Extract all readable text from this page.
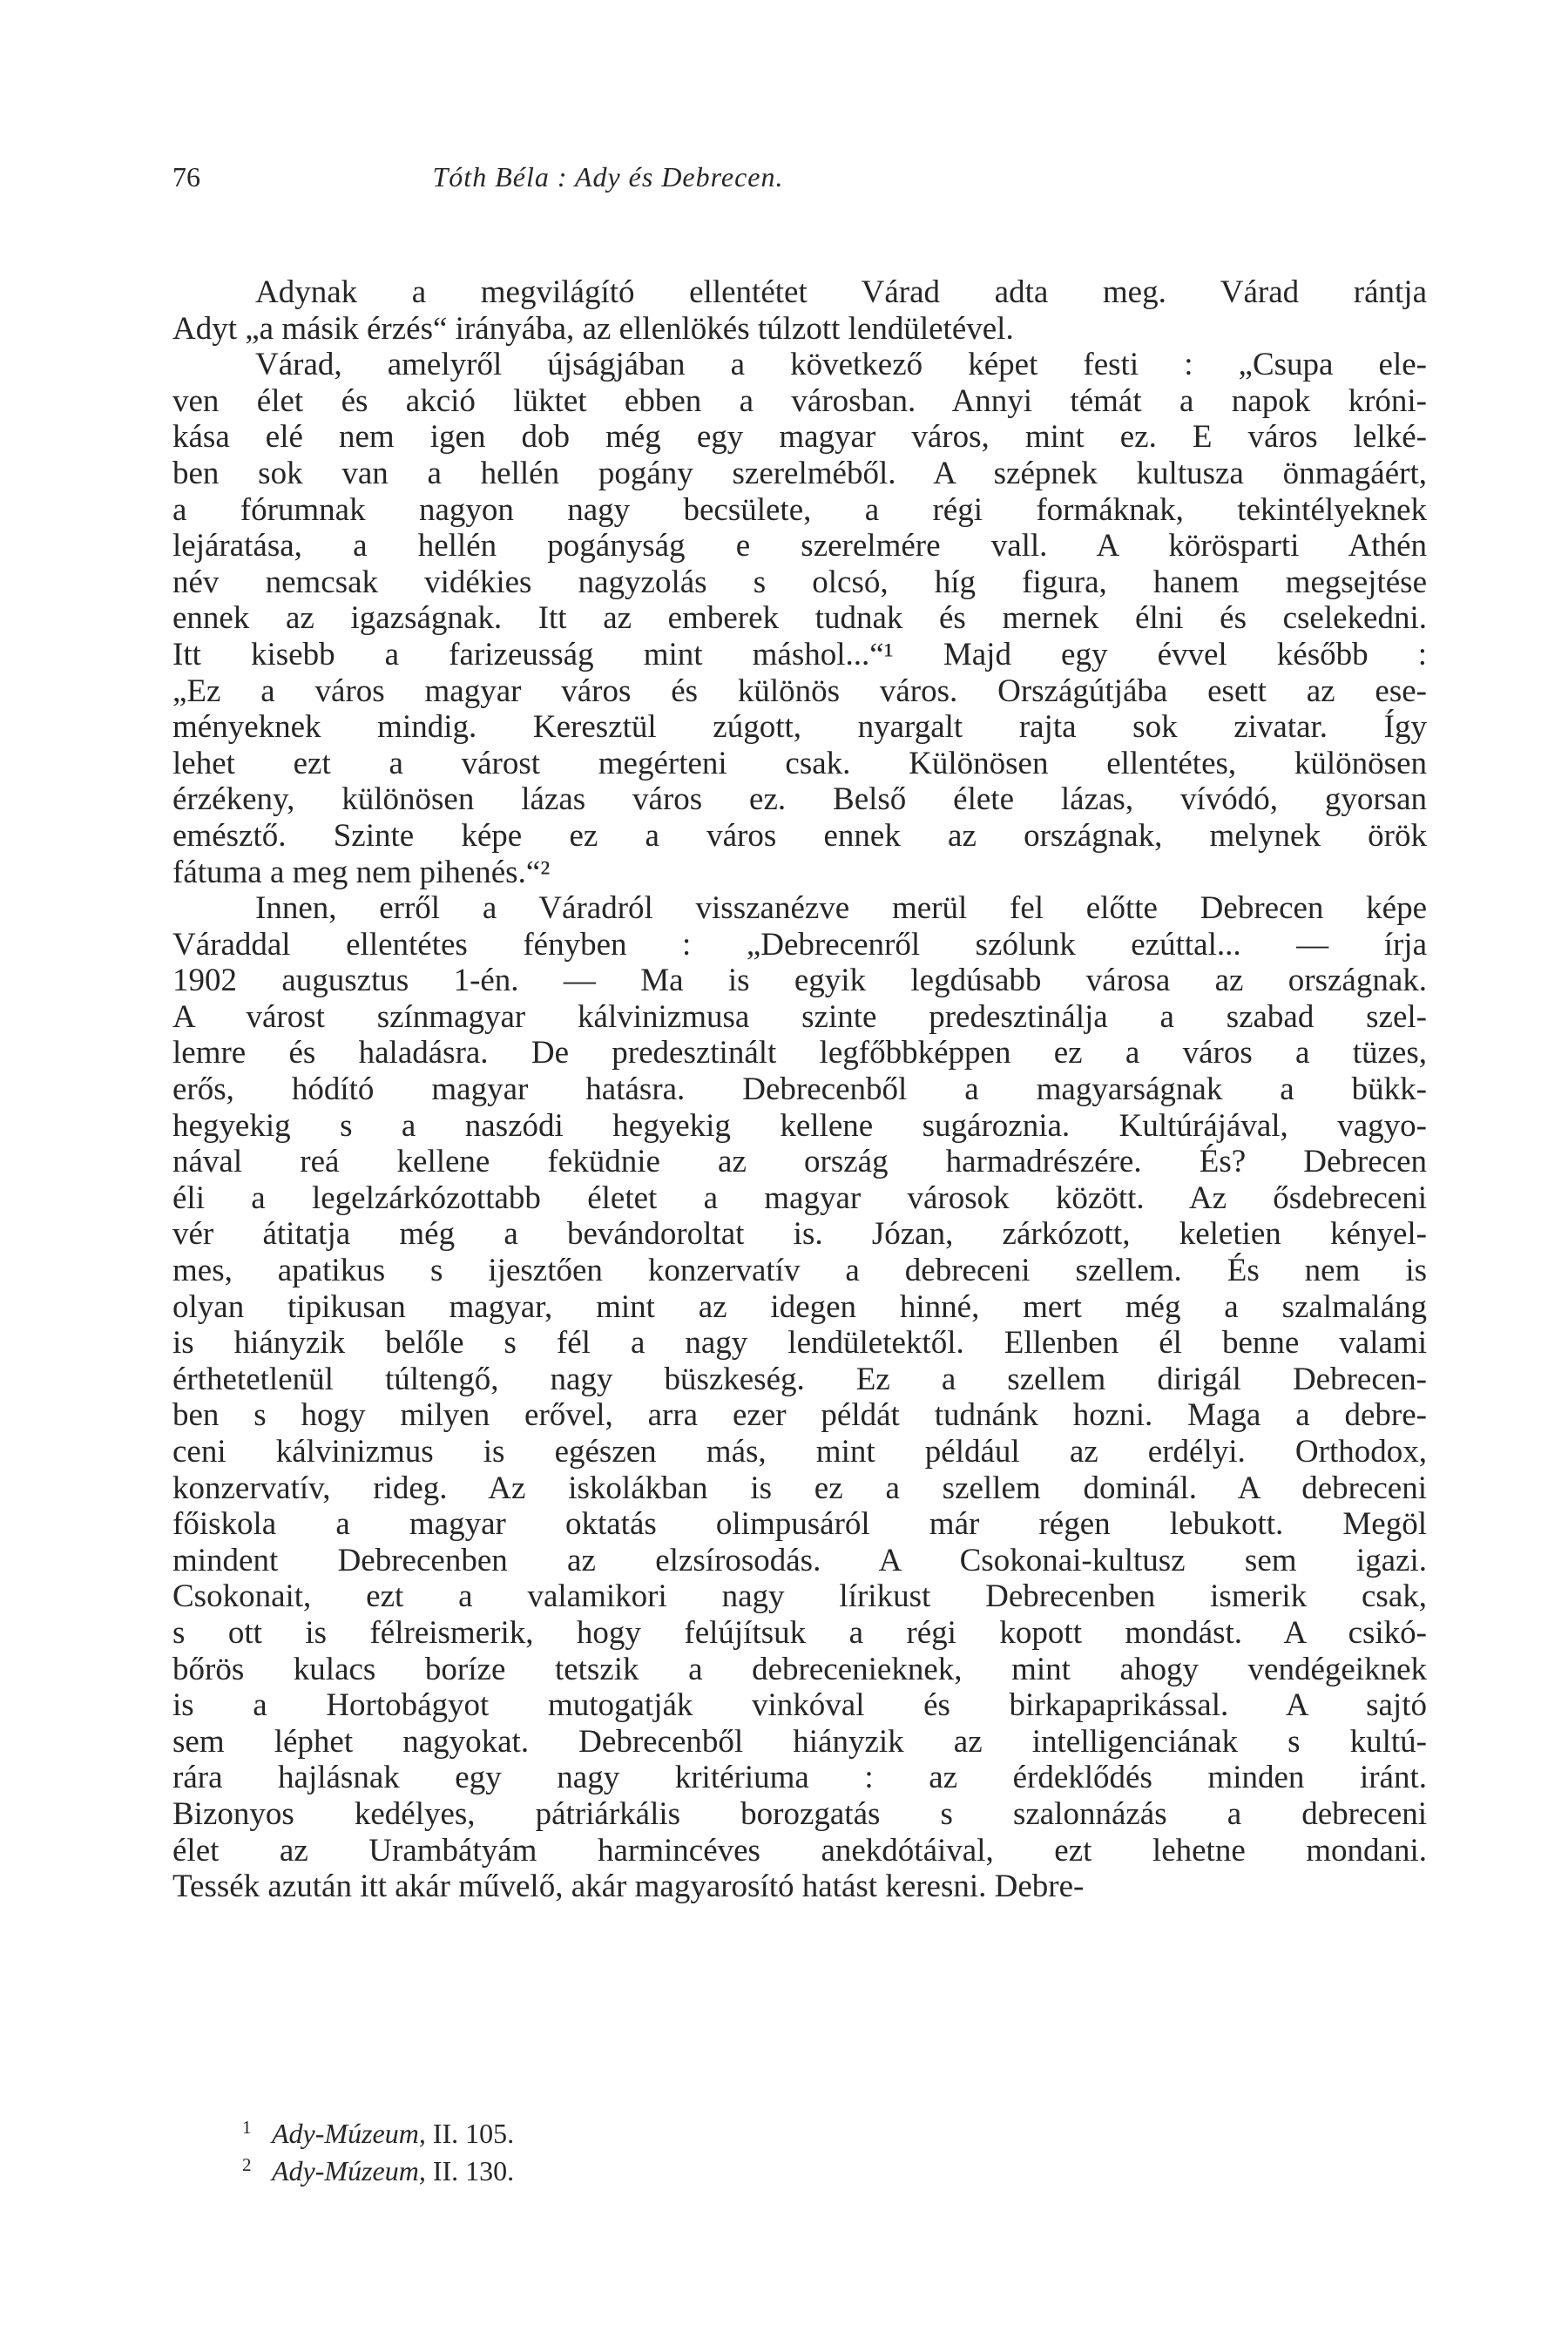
76	Tóth Béla : Ady és Debrecen.
Adynak a megvilágító ellentétet Várad adta meg. Várad rántja
Adyt „a másik érzés“ irányába, az ellenlökés túlzott lendületével.
Várad, amelyről újságjában a következő képet festi : „Csupa ele-
ven élet és akció lüktet ebben a városban. Annyi témát a napok króni-
kása elé nem igen dob még egy magyar város, mint ez. E város lelké-
ben sok van a hellén pogány szerelméből. A szépnek kultusza önmagáért,
a fórumnak nagyon nagy becsülete, a régi formáknak, tekintélyeknek
lejáratása, a hellén pogányság e szerelmére vall. A körösparti Athén
név nemcsak vidékies nagyzolás s olcsó, híg figura, hanem megsejtése
ennek az igazságnak. Itt az emberek tudnak és mernek élni és cselekedni.
Itt kisebb a farizeusság mint máshol...“¹ Majd egy évvel később :
„Ez a város magyar város és különös város. Országútjába esett az ese-
ményeknek mindig. Keresztül zúgott, nyargalt rajta sok zivatar. Így
lehet ezt a várost megérteni csak. Különösen ellentétes, különösen
érzékeny, különösen lázas város ez. Belső élete lázas, vívódó, gyorsan
emésztő. Szinte képe ez a város ennek az országnak, melynek örök
fátuma a meg nem pihenés.“²
Innen, erről a Váradról visszanézve merül fel előtte Debrecen képe
Váraddal ellentétes fényben : „Debrecenről szólunk ezúttal... — írja
1902 augusztus 1-én. — Ma is egyik legdúsabb városa az országnak.
A várost színmagyar kálvinizmusa szinte predesztinálja a szabad szel-
lemre és haladásra. De predesztinált legfőbbképpen ez a város a tüzes,
erős, hódító magyar hatásra. Debrecenből a magyarságnak a bükk-
hegyekig s a naszódi hegyekig kellene sugároznia. Kultúrájával, vagyo-
nával reá kellene feküdnie az ország harmadrészére. És? Debrecen
éli a legelzárkózottabb életet a magyar városok között. Az ősdebreceni
vér átitatja még a bevándoroltat is. Józan, zárkózott, keletien kényel-
mes, apatikus s ijesztően konzervatív a debreceni szellem. És nem is
olyan tipikusan magyar, mint az idegen hinné, mert még a szalmaláng
is hiányzik belőle s fél a nagy lendületektől. Ellenben él benne valami
érthetetlenül túltengő, nagy büszkeség. Ez a szellem dirigál Debrecen-
ben s hogy milyen erővel, arra ezer példát tudnánk hozni. Maga a debre-
ceni kálvinizmus is egészen más, mint például az erdélyi. Orthodox,
konzervatív, rideg. Az iskolákban is ez a szellem dominál. A debreceni
főiskola a magyar oktatás olimpusáról már régen lebukott. Megöl
mindent Debrecenben az elzsírosodás. A Csokonai-kultusz sem igazi.
Csokonait, ezt a valamikori nagy lírikust Debrecenben ismerik csak,
s ott is félreismerik, hogy felújítsuk a régi kopott mondást. A csikó-
bőrös kulacs boríze tetszik a debrecenieknek, mint ahogy vendégeiknek
is a Hortobágyot mutogatják vinkóval és birkapaprikással. A sajtó
sem léphet nagyokat. Debrecenből hiányzik az intelligenciának s kultú-
rára hajlásnak egy nagy kritériuma : az érdeklődés minden iránt.
Bizonyos kedélyes, pátriárkális borozgatás s szalonnázás a debreceni
élet az Urambátyám harmincéves anekdótáival, ezt lehetne mondani.
Tessék azután itt akár művelő, akár magyarosító hatást keresni. Debre-
1 Ady-Múzeum, II. 105.
2 Ady-Múzeum, II. 130.
